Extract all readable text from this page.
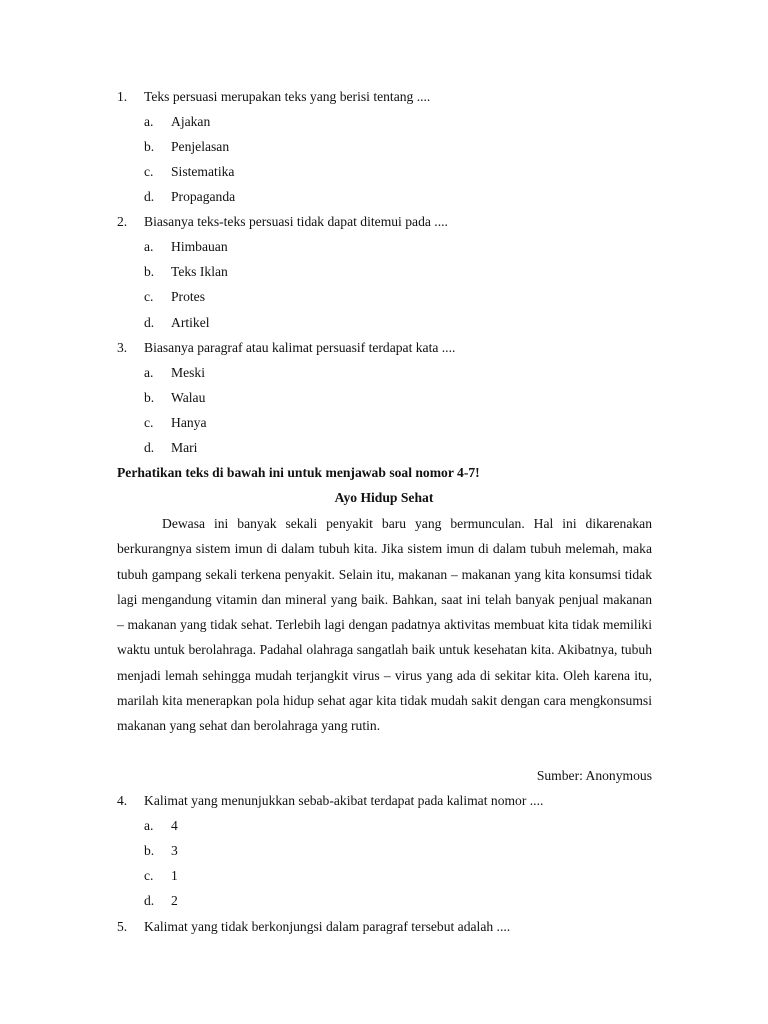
1. Teks persuasi merupakan teks yang berisi tentang ....
a. Ajakan
b. Penjelasan
c. Sistematika
d. Propaganda
2. Biasanya teks-teks persuasi tidak dapat ditemui pada ....
a. Himbauan
b. Teks Iklan
c. Protes
d. Artikel
3. Biasanya paragraf atau kalimat persuasif terdapat kata ....
a. Meski
b. Walau
c. Hanya
d. Mari
Perhatikan teks di bawah ini untuk menjawab soal nomor 4-7!
Ayo Hidup Sehat

Dewasa ini banyak sekali penyakit baru yang bermunculan. Hal ini dikarenakan berkurangnya sistem imun di dalam tubuh kita. Jika sistem imun di dalam tubuh melemah, maka tubuh gampang sekali terkena penyakit. Selain itu, makanan – makanan yang kita konsumsi tidak lagi mengandung vitamin dan mineral yang baik. Bahkan, saat ini telah banyak penjual makanan – makanan yang tidak sehat. Terlebih lagi dengan padatnya aktivitas membuat kita tidak memiliki waktu untuk berolahraga. Padahal olahraga sangatlah baik untuk kesehatan kita. Akibatnya, tubuh menjadi lemah sehingga mudah terjangkit virus – virus yang ada di sekitar kita. Oleh karena itu, marilah kita menerapkan pola hidup sehat agar kita tidak mudah sakit dengan cara mengkonsumsi makanan yang sehat dan berolahraga yang rutin.

Sumber: Anonymous
4. Kalimat yang menunjukkan sebab-akibat terdapat pada kalimat nomor ....
a. 4
b. 3
c. 1
d. 2
5. Kalimat yang tidak berkonjungsi dalam paragraf tersebut adalah ....
